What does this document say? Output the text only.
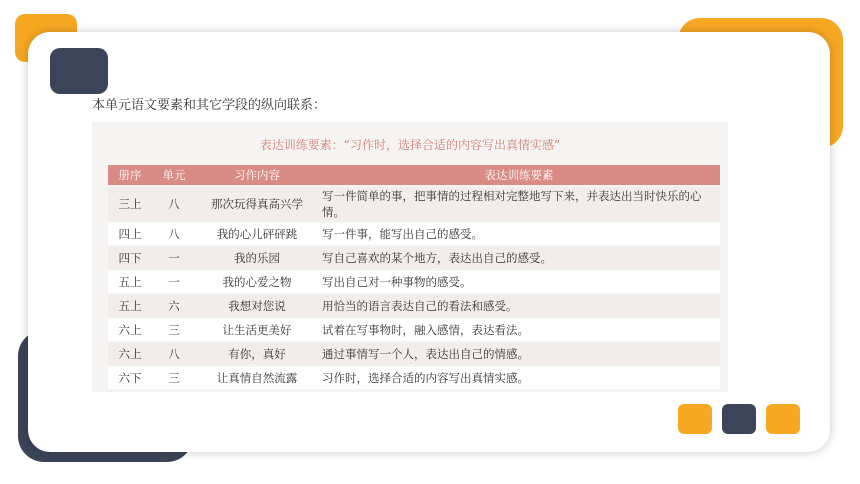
本单元语文要素和其它学段的纵向联系：
表达训练要素：“习作时，选择合适的内容写出真情实感”
册序	单元	习作内容	表达训练要素
三上	八	那次玩得真高兴学	写一件简单的事，把事情的过程相对完整地写下来，并表达出当时快乐的心情。
四上	八	我的心儿砰砰跳	写一件事，能写出自己的感受。
四下	一	我的乐园	写自己喜欢的某个地方，表达出自己的感受。
五上	一	我的心爱之物	写出自己对一种事物的感受。
五上	六	我想对您说	用恰当的语言表达自己的看法和感受。
六上	三	让生活更美好	试着在写事物时，融入感情，表达看法。
六上	八	有你，真好	通过事情写一个人，表达出自己的情感。
六下	三	让真情自然流露	习作时，选择合适的内容写出真情实感。
